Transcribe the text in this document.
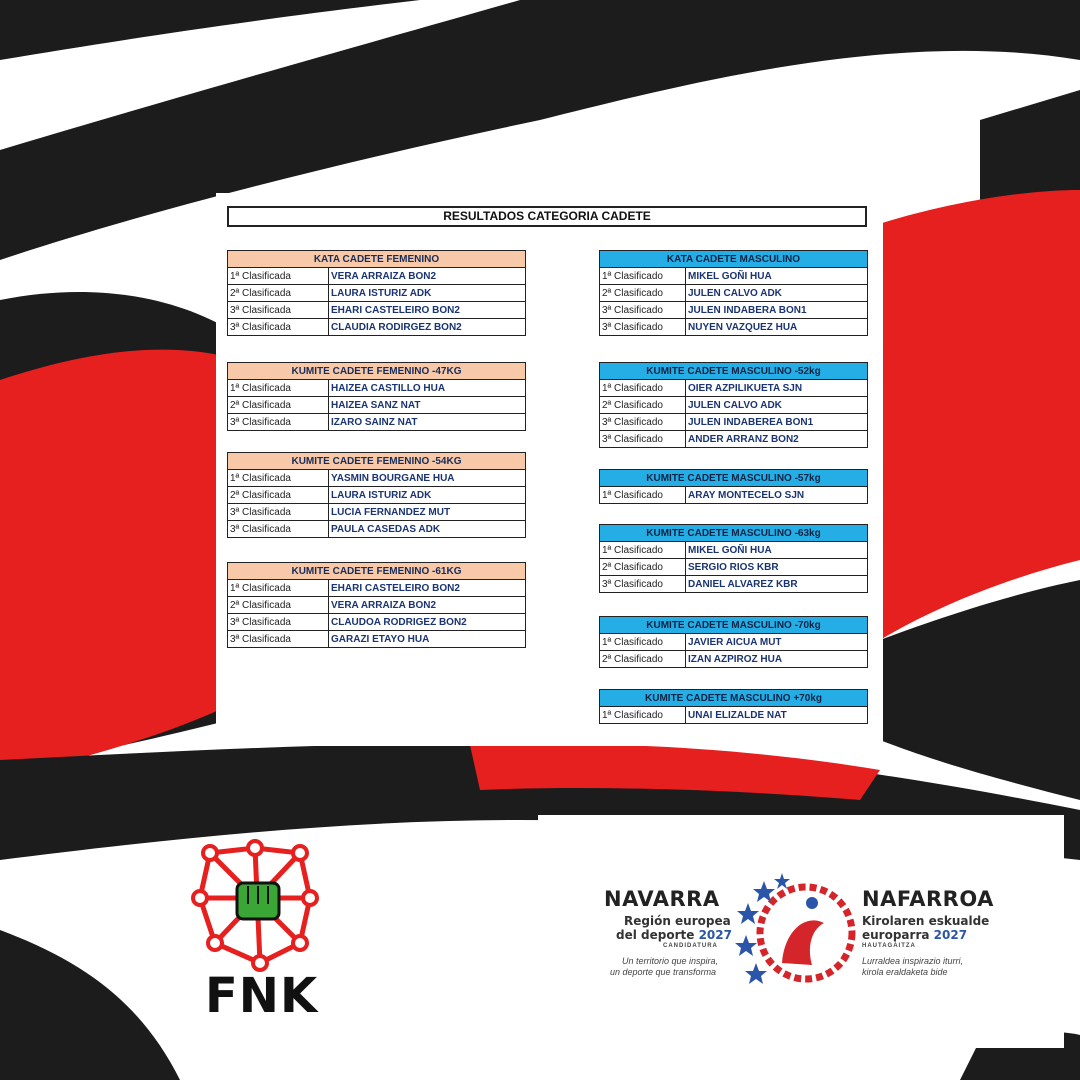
RESULTADOS CATEGORIA CADETE
KATA CADETE FEMENINO	
1ª Clasificada	VERA ARRAIZA BON2
2ª Clasificada	LAURA ISTURIZ ADK
3ª Clasificada	EHARI CASTELEIRO BON2
3ª Clasificada	CLAUDIA RODIRGEZ BON2
KUMITE CADETE FEMENINO -47KG	
1ª Clasificada	HAIZEA CASTILLO HUA
2ª Clasificada	HAIZEA SANZ NAT
3ª Clasificada	IZARO SAINZ NAT
KUMITE CADETE FEMENINO -54KG	
1ª Clasificada	YASMIN BOURGANE HUA
2ª Clasificada	LAURA ISTURIZ ADK
3ª Clasificada	LUCIA FERNANDEZ MUT
3ª Clasificada	PAULA CASEDAS ADK
KUMITE CADETE FEMENINO -61KG	
1ª Clasificada	EHARI CASTELEIRO BON2
2ª Clasificada	VERA ARRAIZA BON2
3ª Clasificada	CLAUDOA RODRIGEZ BON2
3ª Clasificada	GARAZI ETAYO HUA
KATA CADETE MASCULINO	
1ª Clasificado	MIKEL GOÑI HUA
2ª Clasificado	JULEN CALVO ADK
3ª Clasificado	JULEN INDABERA BON1
3ª Clasificado	NUYEN VAZQUEZ HUA
KUMITE CADETE MASCULINO -52kg	
1ª Clasificado	OIER AZPILIKUETA SJN
2ª Clasificado	JULEN CALVO ADK
3ª Clasificado	JULEN INDABEREA BON1
3ª Clasificado	ANDER ARRANZ BON2
KUMITE CADETE MASCULINO -57kg
1ª Clasificado	ARAY MONTECELO SJN
KUMITE CADETE MASCULINO -63kg	
1ª Clasificado	MIKEL GOÑI HUA
2ª Clasificado	SERGIO RIOS KBR
3ª Clasificado	DANIEL ALVAREZ KBR
KUMITE CADETE MASCULINO -70kg	
1ª Clasificado	JAVIER AICUA MUT
2ª Clasificado	IZAN AZPIROZ HUA
KUMITE CADETE MASCULINO +70kg
1ª Clasificado	UNAI ELIZALDE NAT
FNK
NAVARRA
Región europea
del deporte 2027
CANDIDATURA
Un territorio que inspira,
un deporte que transforma
NAFARROA
Kirolaren eskualde
europarra 2027
HAUTAGAITZA
Lurraldea inspirazio iturri,
kirola eraldaketa bide
